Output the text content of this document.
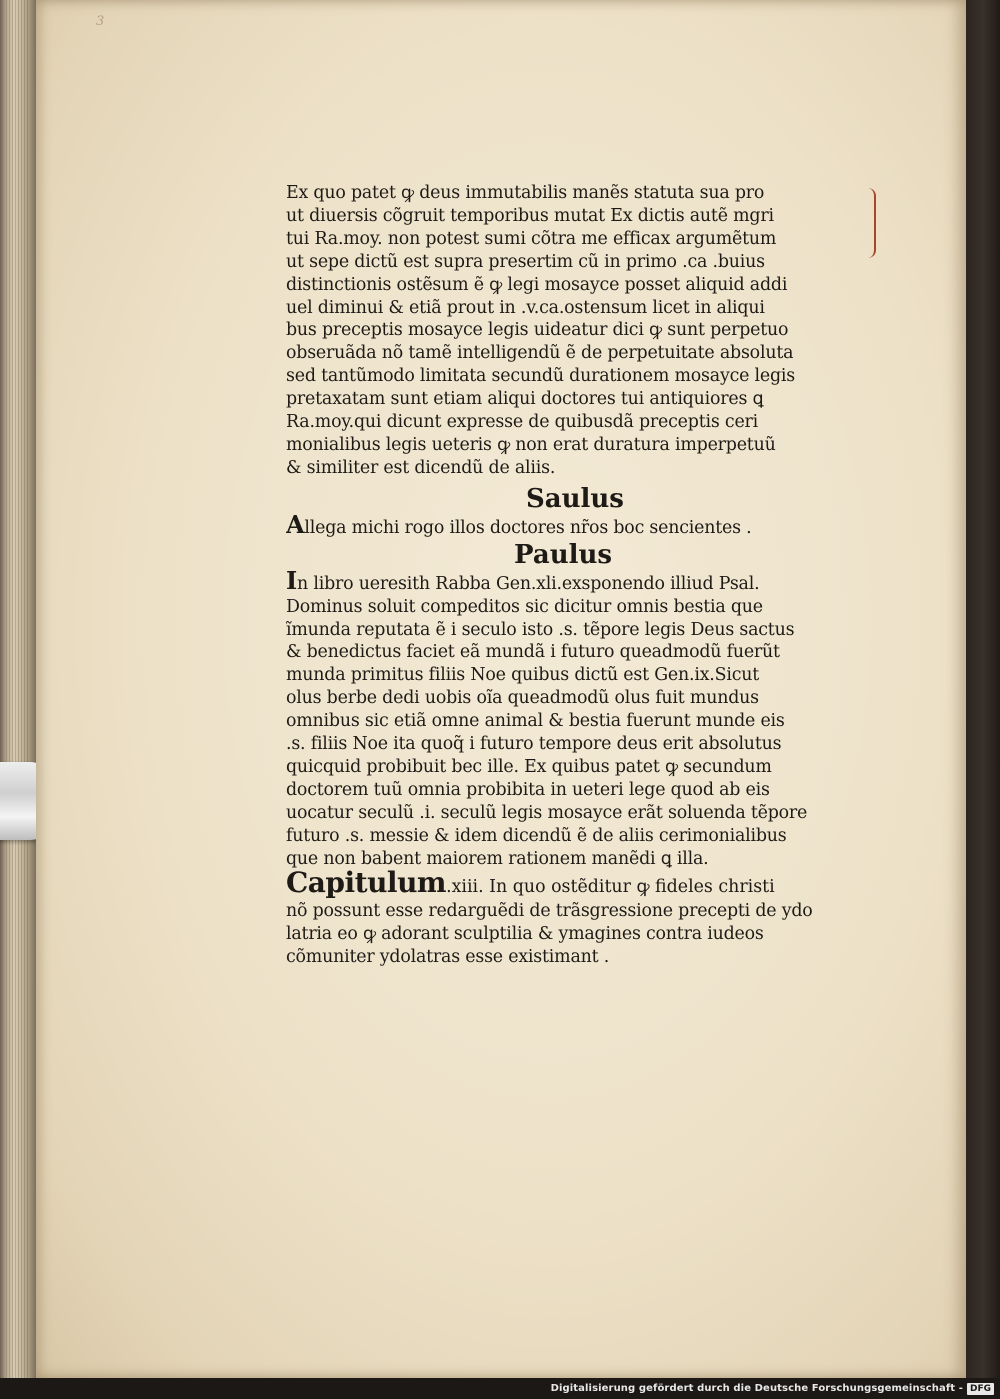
3
Ex quo patet ꝙ deus immutabilis manẽs statuta sua pro
ut diuersis cõgruit temporibus mutat Ex dictis autẽ mgri
tui Ra.moy. non potest sumi cõtra me efficax argumẽtum
ut sepe dictũ est supra presertim cũ in primo .ca .buius
distinctionis ostẽsum ẽ ꝙ legi mosayce posset aliquid addi
uel diminui & etiã prout in .v.ca.ostensum licet in aliqui
bus preceptis mosayce legis uideatur dici ꝙ sunt perpetuo
obseruãda nõ tamẽ intelligendũ ẽ de perpetuitate absoluta
sed tantũmodo limitata secundũ durationem mosayce legis
pretaxatam sunt etiam aliqui doctores tui antiquiores ꝗ
Ra.moy.qui dicunt expresse de quibusdã preceptis ceri
monialibus legis ueteris ꝙ non erat duratura imperpetuũ
& similiter est dicendũ de aliis.
Saulus
Allega michi rogo illos doctores nr̃os boc sencientes .
Paulus
In libro ueresith Rabba Gen.xli.exsponendo illiud Psal.
Dominus soluit compeditos sic dicitur omnis bestia que
ĩmunda reputata ẽ i seculo isto .s. tẽpore legis Deus sactus
& benedictus faciet eã mundã i futuro queadmodũ fuerũt
munda primitus filiis Noe quibus dictũ est Gen.ix.Sicut
olus berbe dedi uobis oĩa queadmodũ olus fuit mundus
omnibus sic etiã omne animal & bestia fuerunt munde eis
.s. filiis Noe ita quoq̃ i futuro tempore deus erit absolutus
quicquid probibuit bec ille. Ex quibus patet ꝙ secundum
doctorem tuũ omnia probibita in ueteri lege quod ab eis
uocatur seculũ .i. seculũ legis mosayce erãt soluenda tẽpore
futuro .s. messie & idem dicendũ ẽ de aliis cerimonialibus
que non babent maiorem rationem manẽdi ꝗ illa.
Capitulum.xiii. In quo ostẽditur ꝙ fideles christi
nõ possunt esse redarguẽdi de trãsgressione precepti de ydo
latria eo ꝙ adorant sculptilia & ymagines contra iudeos
cõmuniter ydolatras esse existimant .
Digitalisierung gefördert durch die Deutsche Forschungsgemeinschaft - DFG
